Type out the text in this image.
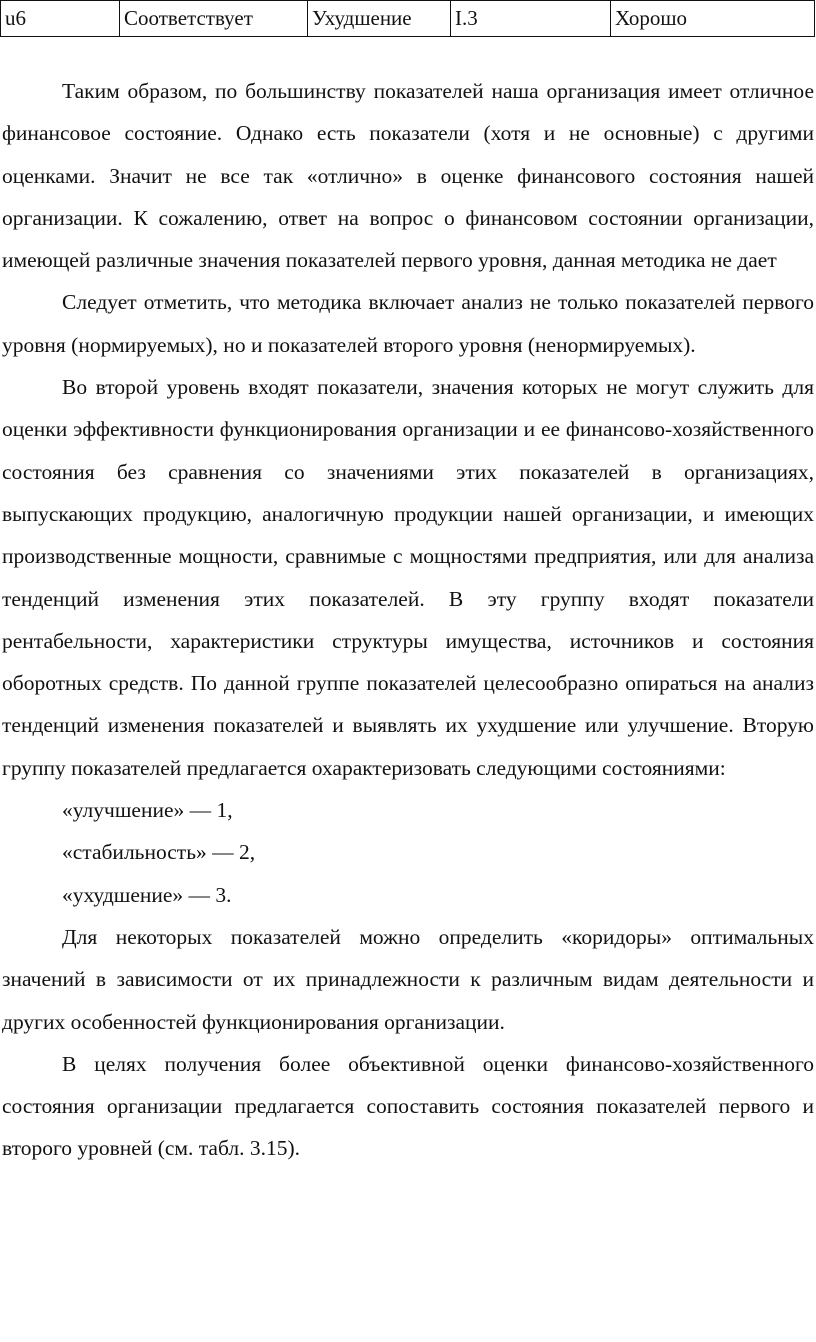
u6	Соответствует	Ухудшение	I.3	Хорошо

Таким образом, по большинству показателей наша организация имеет отличное финансовое состояние. Однако есть показатели (хотя и не основные) с другими оценками. Значит не все так «отлично» в оценке финансового состояния нашей организации. К сожалению, ответ на вопрос о финансовом состоянии организации, имеющей различные значения показателей первого уровня, данная методика не дает

Следует отметить, что методика включает анализ не только показателей первого уровня (нормируемых), но и показателей второго уровня (ненормируемых).

Во второй уровень входят показатели, значения которых не могут служить для оценки эффективности функционирования организации и ее финансово-хозяйственного состояния без сравнения со значениями этих показателей в организациях, выпускающих продукцию, аналогичную продукции нашей организации, и имеющих производственные мощности, сравнимые с мощностями предприятия, или для анализа тенденций изменения этих показателей. В эту группу входят показатели рентабельности, характеристики структуры имущества, источников и состояния оборотных средств. По данной группе показателей целесообразно опираться на анализ тенденций изменения показателей и выявлять их ухудшение или улучшение. Вторую группу показателей предлагается охарактеризовать следующими состояниями:

«улучшение» — 1,

«стабильность» — 2,

«ухудшение» — 3.

Для некоторых показателей можно определить «коридоры» оптимальных значений в зависимости от их принадлежности к различным видам деятельности и других особенностей функционирования организации.

В целях получения более объективной оценки финансово-хозяйственного состояния организации предлагается сопоставить состояния показателей первого и второго уровней (см. табл. 3.15).
